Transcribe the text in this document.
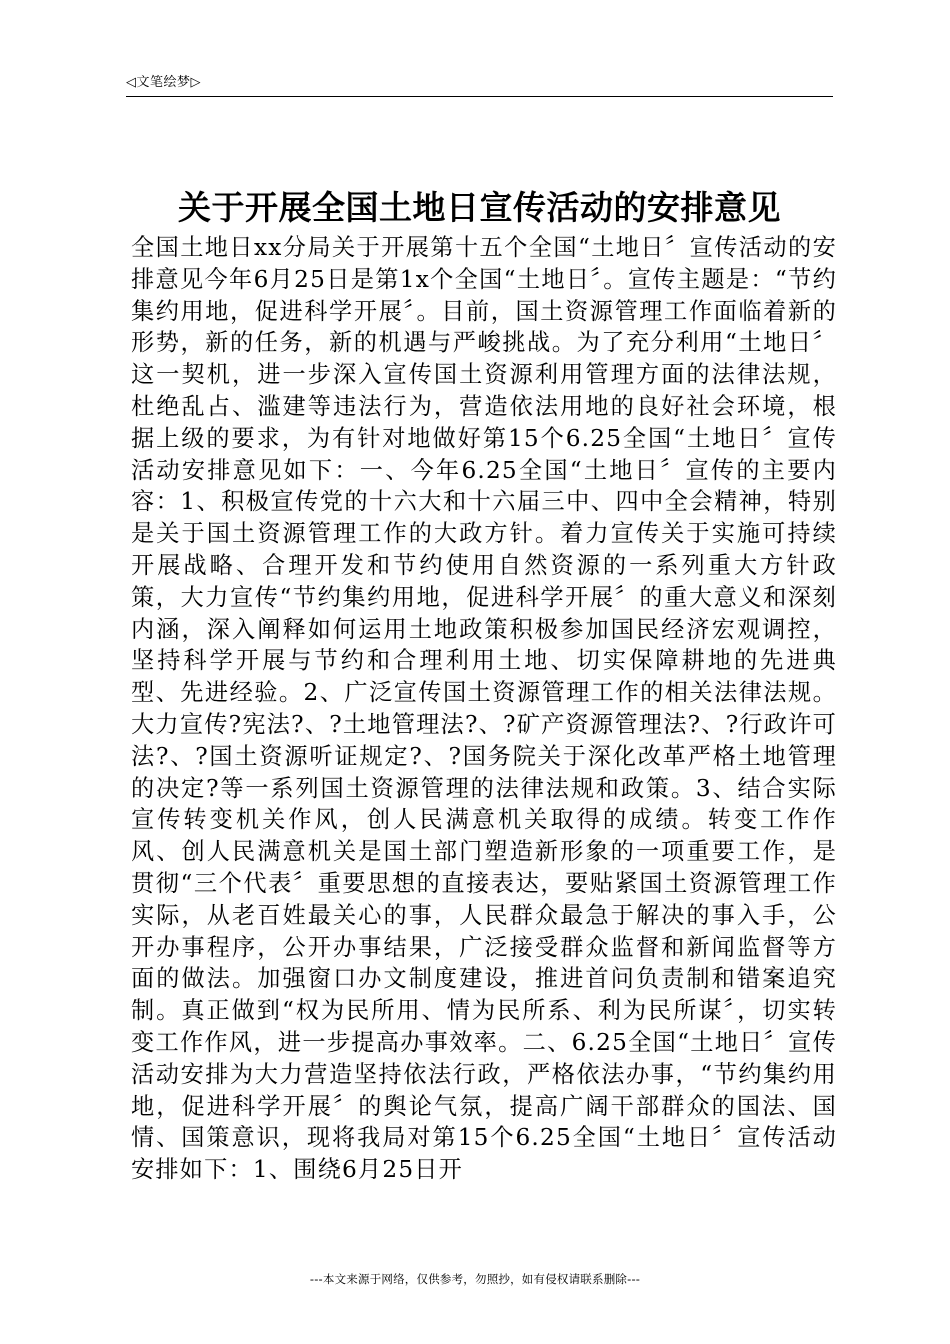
◁文笔绘梦▷
关于开展全国土地日宣传活动的安排意见
全国土地日xx分局关于开展第十五个全国“土地日〞宣传活动的安排意见今年6月25日是第1x个全国“土地日〞。宣传主题是：“节约集约用地，促进科学开展〞。目前，国土资源管理工作面临着新的形势，新的任务，新的机遇与严峻挑战。为了充分利用“土地日〞这一契机，进一步深入宣传国土资源利用管理方面的法律法规，杜绝乱占、滥建等违法行为，营造依法用地的良好社会环境，根据上级的要求，为有针对地做好第15个6.25全国“土地日〞宣传活动安排意见如下：一、今年6.25全国“土地日〞宣传的主要内容：1、积极宣传党的十六大和十六届三中、四中全会精神，特别是关于国土资源管理工作的大政方针。着力宣传关于实施可持续开展战略、合理开发和节约使用自然资源的一系列重大方针政策，大力宣传“节约集约用地，促进科学开展〞的重大意义和深刻内涵，深入阐释如何运用土地政策积极参加国民经济宏观调控，坚持科学开展与节约和合理利用土地、切实保障耕地的先进典型、先进经验。2、广泛宣传国土资源管理工作的相关法律法规。大力宣传?宪法?、?土地管理法?、?矿产资源管理法?、?行政许可法?、?国土资源听证规定?、?国务院关于深化改革严格土地管理的决定?等一系列国土资源管理的法律法规和政策。3、结合实际宣传转变机关作风，创人民满意机关取得的成绩。转变工作作风、创人民满意机关是国土部门塑造新形象的一项重要工作，是贯彻“三个代表〞重要思想的直接表达，要贴紧国土资源管理工作实际，从老百姓最关心的事，人民群众最急于解决的事入手，公开办事程序，公开办事结果，广泛接受群众监督和新闻监督等方面的做法。加强窗口办文制度建设，推进首问负责制和错案追究制。真正做到“权为民所用、情为民所系、利为民所谋〞，切实转变工作作风，进一步提高办事效率。二、6.25全国“土地日〞宣传活动安排为大力营造坚持依法行政，严格依法办事，“节约集约用地，促进科学开展〞的舆论气氛，提高广阔干部群众的国法、国情、国策意识，现将我局对第15个6.25全国“土地日〞宣传活动安排如下：1、围绕6月25日开
---本文来源于网络，仅供参考，勿照抄，如有侵权请联系删除---
